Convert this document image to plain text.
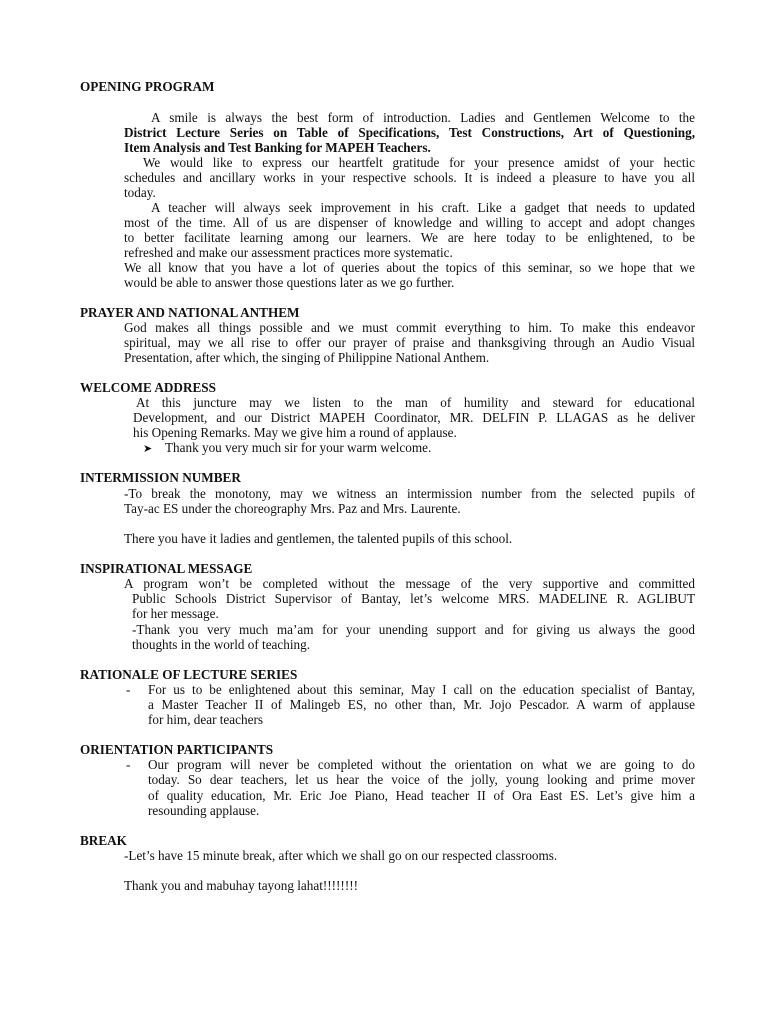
OPENING PROGRAM
A smile is always the best form of introduction. Ladies and Gentlemen Welcome to the
District Lecture Series on Table of Specifications, Test Constructions, Art of Questioning,
Item Analysis and Test Banking for MAPEH Teachers.
We would like to express our heartfelt gratitude for your presence amidst of your hectic
schedules and ancillary works in your respective schools. It is indeed a pleasure to have you all
today.
A teacher will always seek improvement in his craft. Like a gadget that needs to updated
most of the time. All of us are dispenser of knowledge and willing to accept and adopt changes
to better facilitate learning among our learners. We are here today to be enlightened, to be
refreshed and make our assessment practices more systematic.
We all know that you have a lot of queries about the topics of this seminar, so we hope that we
would be able to answer those questions later as we go further.
PRAYER AND NATIONAL ANTHEM
God makes all things possible and we must commit everything to him. To make this endeavor
spiritual, may we all rise to offer our prayer of praise and thanksgiving through an Audio Visual
Presentation, after which, the singing of Philippine National Anthem.
WELCOME ADDRESS
At this juncture may we listen to the man of humility and steward for educational
Development, and our District MAPEH Coordinator, MR. DELFIN P. LLAGAS as he deliver
his Opening Remarks. May we give him a round of applause.
➤ Thank you very much sir for your warm welcome.
INTERMISSION NUMBER
-To break the monotony, may we witness an intermission number from the selected pupils of
Tay-ac ES under the choreography Mrs. Paz and Mrs. Laurente.
There you have it ladies and gentlemen, the talented pupils of this school.
INSPIRATIONAL MESSAGE
A program won’t be completed without the message of the very supportive and committed
Public Schools District Supervisor of Bantay, let’s welcome MRS. MADELINE R. AGLIBUT
for her message.
-Thank you very much ma’am for your unending support and for giving us always the good
thoughts in the world of teaching.
RATIONALE OF LECTURE SERIES
- For us to be enlightened about this seminar, May I call on the education specialist of Bantay,
a Master Teacher II of Malingeb ES, no other than, Mr. Jojo Pescador. A warm of applause
for him, dear teachers
ORIENTATION PARTICIPANTS
- Our program will never be completed without the orientation on what we are going to do
today. So dear teachers, let us hear the voice of the jolly, young looking and prime mover
of quality education, Mr. Eric Joe Piano, Head teacher II of Ora East ES. Let’s give him a
resounding applause.
BREAK
-Let’s have 15 minute break, after which we shall go on our respected classrooms.
Thank you and mabuhay tayong lahat!!!!!!!!
